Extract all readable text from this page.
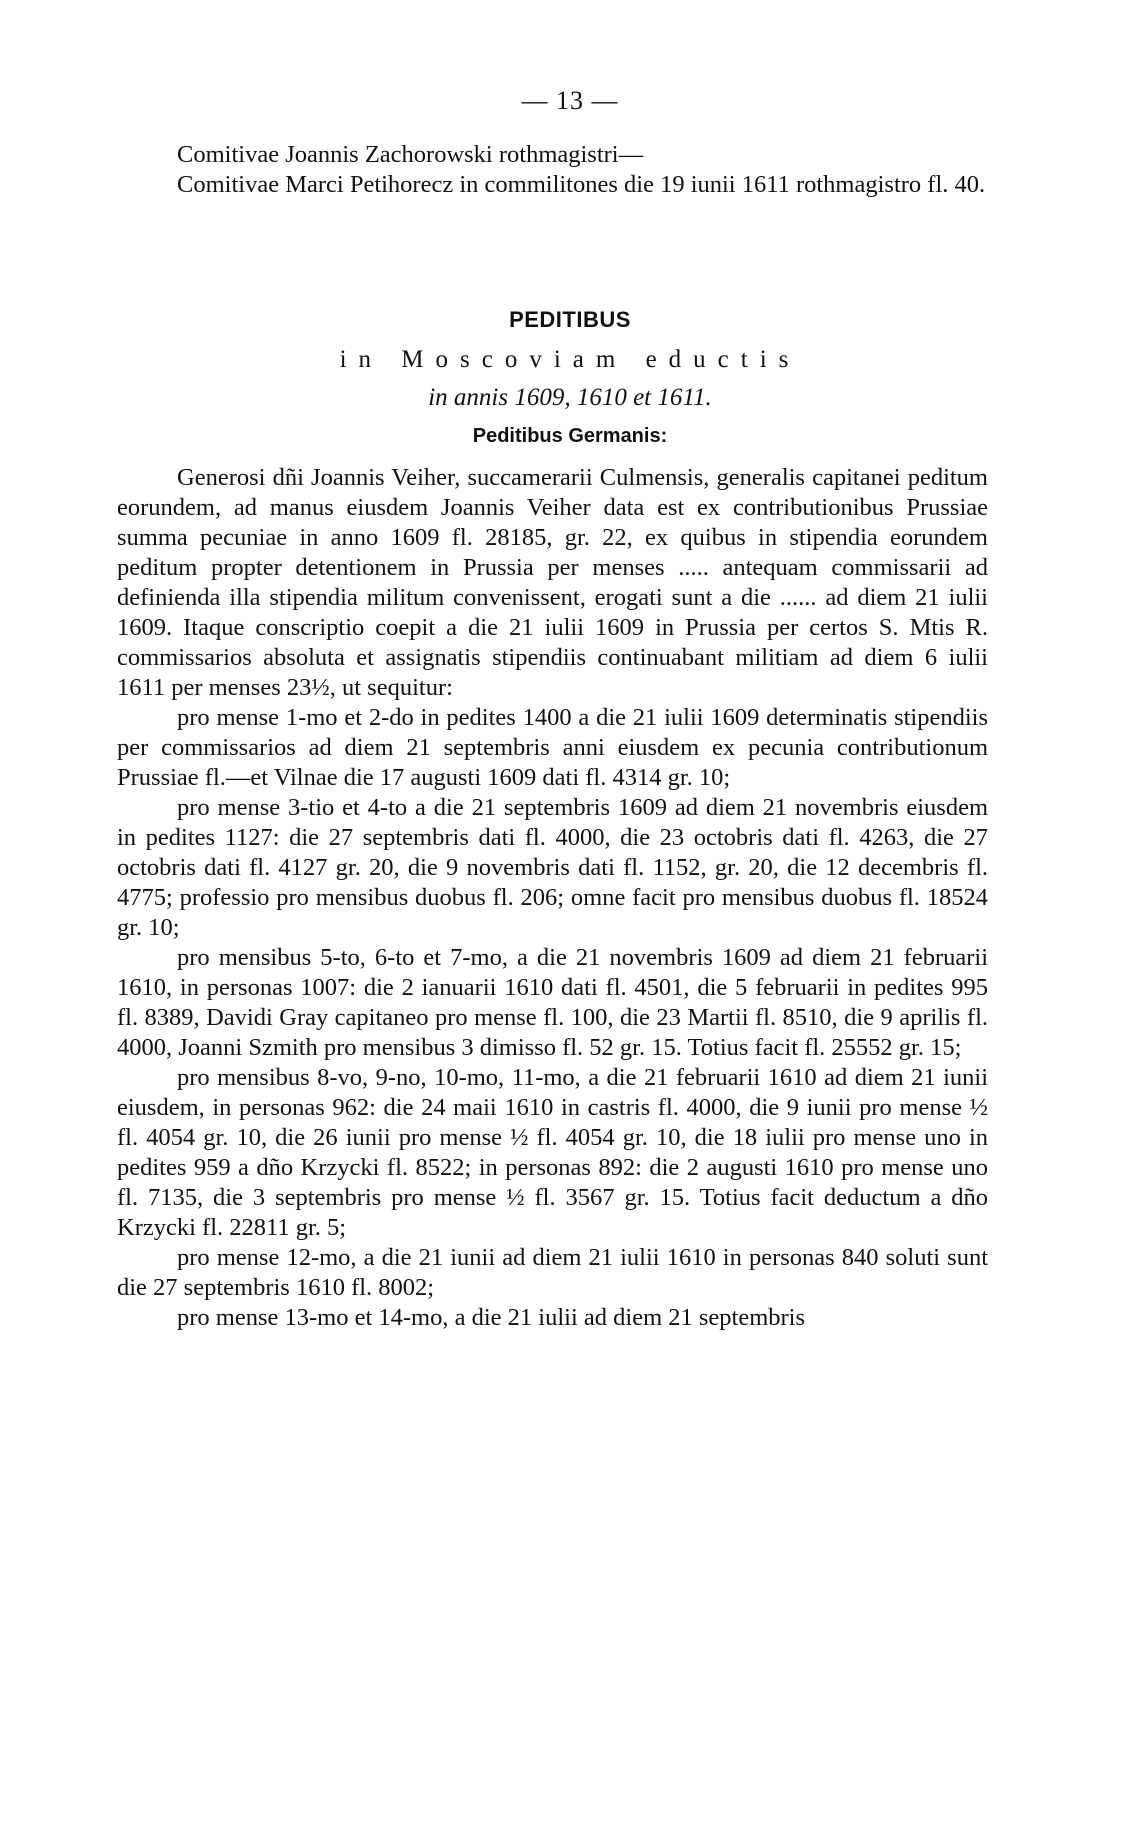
— 13 —

Comitivae Joannis Zachorowski rothmagistri—

Comitivae Marci Petihorecz in commilitones die 19 iunii 1611 rothmagistro fl. 40.

PEDITIBUS
in Moscoviam eductis
in annis 1609, 1610 et 1611.
Peditibus Germanis:

Generosi dñi Joannis Veiher, succamerarii Culmensis, generalis capitanei peditum eorundem, ad manus eiusdem Joannis Veiher data est ex contributionibus Prussiae summa pecuniae in anno 1609 fl. 28185, gr. 22, ex quibus in stipendia eorundem peditum propter detentionem in Prussia per menses ..... antequam commissarii ad definienda illa stipendia militum convenissent, erogati sunt a die ...... ad diem 21 iulii 1609. Itaque conscriptio coepit a die 21 iulii 1609 in Prussia per certos S. Mtis R. commissarios absoluta et assignatis stipendiis continuabant militiam ad diem 6 iulii 1611 per menses 23½, ut sequitur:

pro mense 1-mo et 2-do in pedites 1400 a die 21 iulii 1609 determinatis stipendiis per commissarios ad diem 21 septembris anni eiusdem ex pecunia contributionum Prussiae fl.—et Vilnae die 17 augusti 1609 dati fl. 4314 gr. 10;

pro mense 3-tio et 4-to a die 21 septembris 1609 ad diem 21 novembris eiusdem in pedites 1127: die 27 septembris dati fl. 4000, die 23 octobris dati fl. 4263, die 27 octobris dati fl. 4127 gr. 20, die 9 novembris dati fl. 1152, gr. 20, die 12 decembris fl. 4775; professio pro mensibus duobus fl. 206; omne facit pro mensibus duobus fl. 18524 gr. 10;

pro mensibus 5-to, 6-to et 7-mo, a die 21 novembris 1609 ad diem 21 februarii 1610, in personas 1007: die 2 ianuarii 1610 dati fl. 4501, die 5 februarii in pedites 995 fl. 8389, Davidi Gray capitaneo pro mense fl. 100, die 23 Martii fl. 8510, die 9 aprilis fl. 4000, Joanni Szmith pro mensibus 3 dimisso fl. 52 gr. 15. Totius facit fl. 25552 gr. 15;

pro mensibus 8-vo, 9-no, 10-mo, 11-mo, a die 21 februarii 1610 ad diem 21 iunii eiusdem, in personas 962: die 24 maii 1610 in castris fl. 4000, die 9 iunii pro mense ½ fl. 4054 gr. 10, die 26 iunii pro mense ½ fl. 4054 gr. 10, die 18 iulii pro mense uno in pedites 959 a dño Krzycki fl. 8522; in personas 892: die 2 augusti 1610 pro mense uno fl. 7135, die 3 septembris pro mense ½ fl. 3567 gr. 15. Totius facit deductum a dño Krzycki fl. 22811 gr. 5;

pro mense 12-mo, a die 21 iunii ad diem 21 iulii 1610 in personas 840 soluti sunt die 27 septembris 1610 fl. 8002;

pro mense 13-mo et 14-mo, a die 21 iulii ad diem 21 septembris
